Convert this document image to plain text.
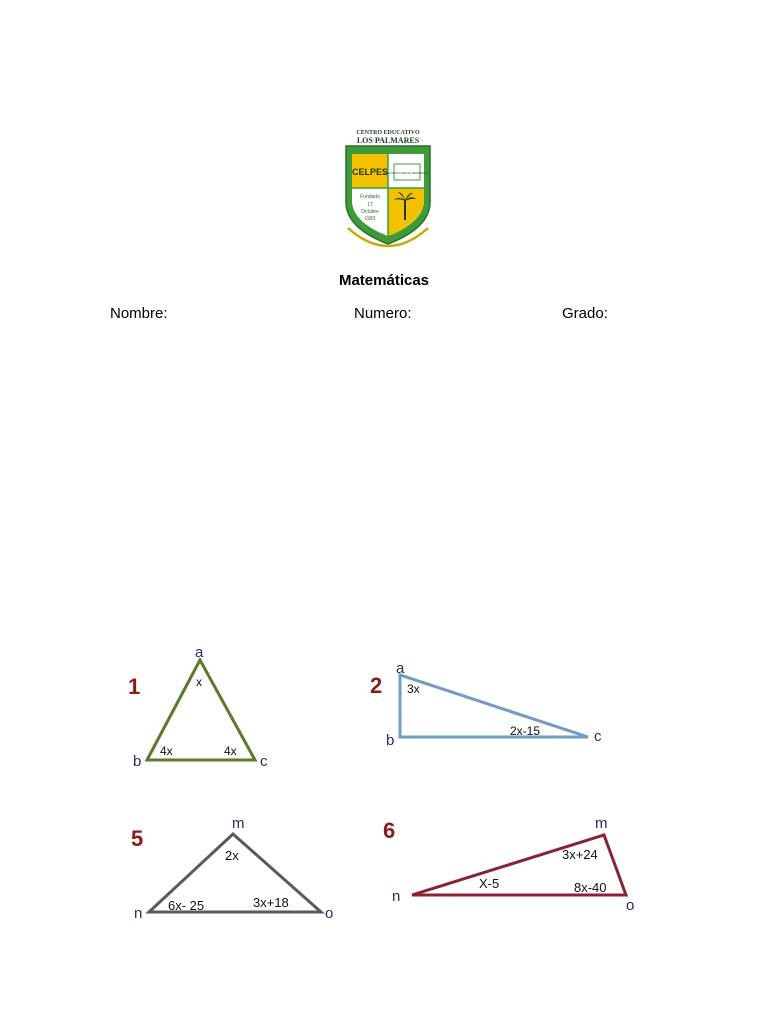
CENTRO EDUCATIVO
LOS PALMARES
CELPES
EDUCACIÓN PARA EL DESARROLLO
Fundado
17
Octubre
1983
Matemáticas
Nombre:	Numero:	Grado:
1
a
b	c
x
4x	4x
2
a
b	c
3x
2x-15
5
m
n	o
2x
6x- 25	3x+18
6	m
n
o
3x+24
X-5	8x-40
